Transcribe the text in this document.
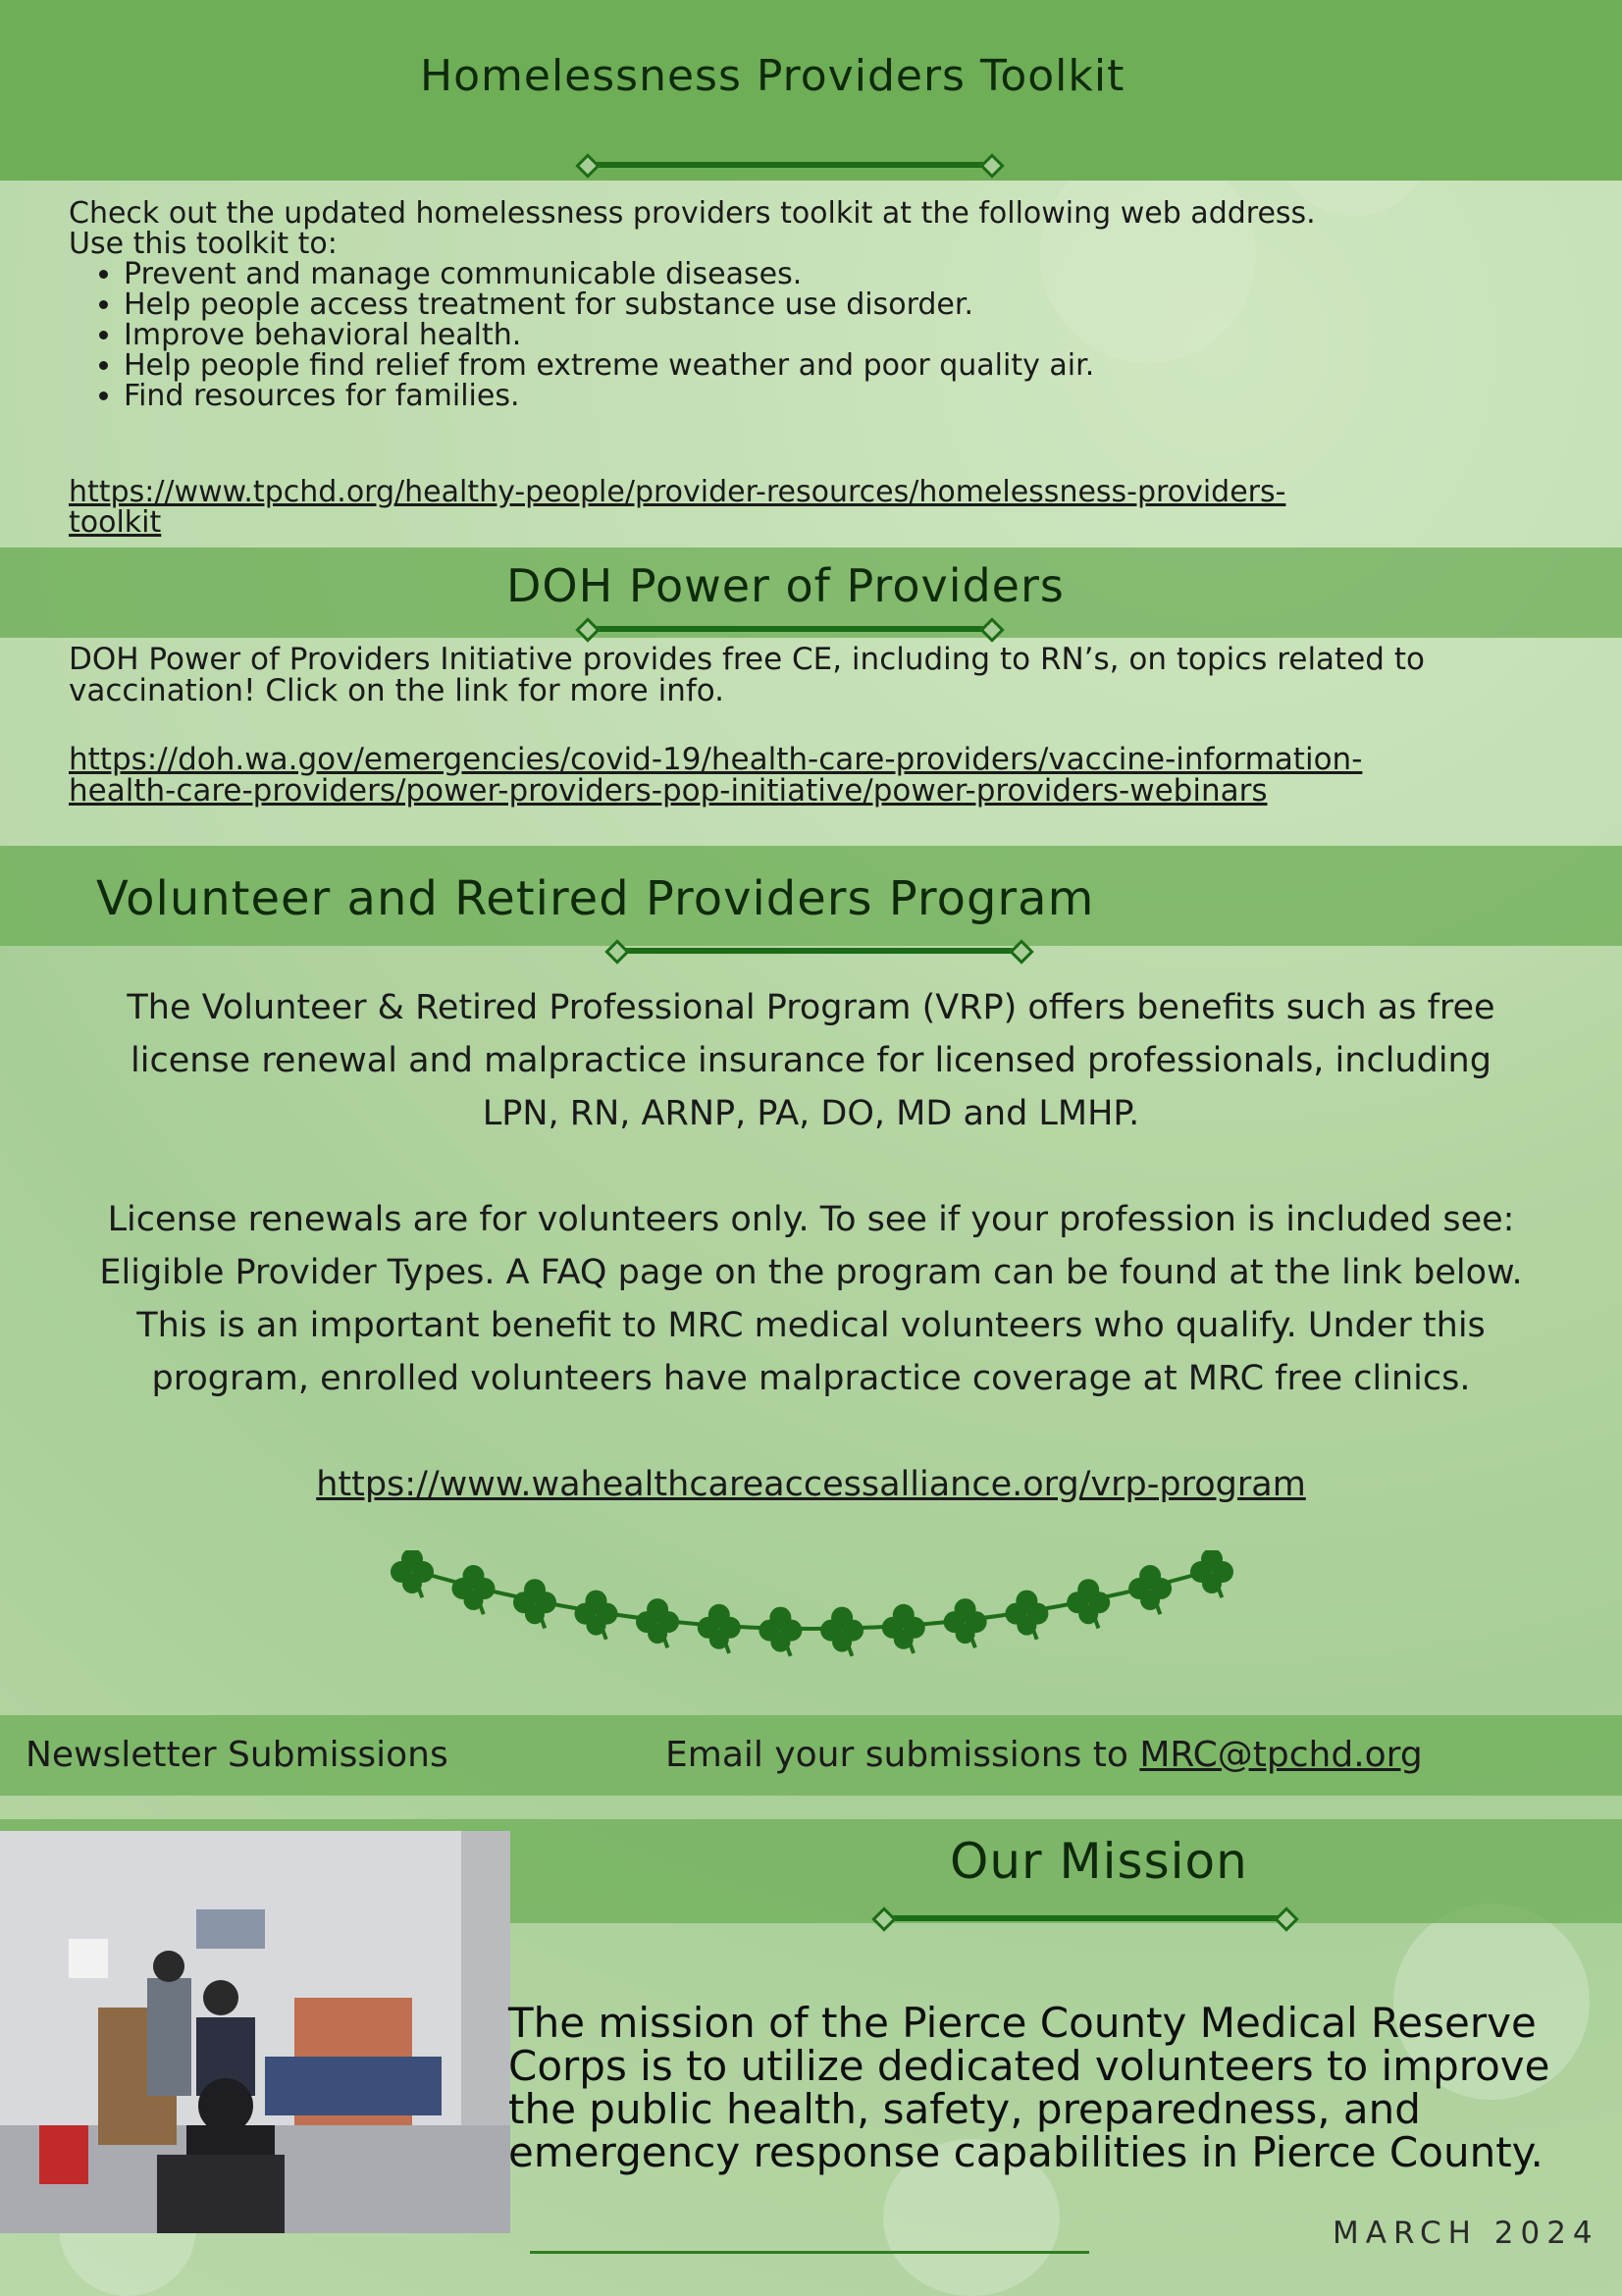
Homelessness Providers Toolkit
Check out the updated homelessness providers toolkit at the following web address.
Use this toolkit to:
• Prevent and manage communicable diseases.
• Help people access treatment for substance use disorder.
• Improve behavioral health.
• Help people find relief from extreme weather and poor quality air.
• Find resources for families.
https://www.tpchd.org/healthy-people/provider-resources/homelessness-providers-
toolkit
DOH Power of Providers
DOH Power of Providers Initiative provides free CE, including to RN’s, on topics related to
vaccination! Click on the link for more info.
https://doh.wa.gov/emergencies/covid-19/health-care-providers/vaccine-information-
health-care-providers/power-providers-pop-initiative/power-providers-webinars
Volunteer and Retired Providers Program
The Volunteer & Retired Professional Program (VRP) offers benefits such as free
license renewal and malpractice insurance for licensed professionals, including
LPN, RN, ARNP, PA, DO, MD and LMHP.
License renewals are for volunteers only. To see if your profession is included see:
Eligible Provider Types. A FAQ page on the program can be found at the link below.
This is an important benefit to MRC medical volunteers who qualify. Under this
program, enrolled volunteers have malpractice coverage at MRC free clinics.
https://www.wahealthcareaccessalliance.org/vrp-program
Newsletter Submissions	Email your submissions to MRC@tpchd.org
Our Mission
The mission of the Pierce County Medical Reserve
Corps is to utilize dedicated volunteers to improve
the public health, safety, preparedness, and
emergency response capabilities in Pierce County.
MARCH 2024
